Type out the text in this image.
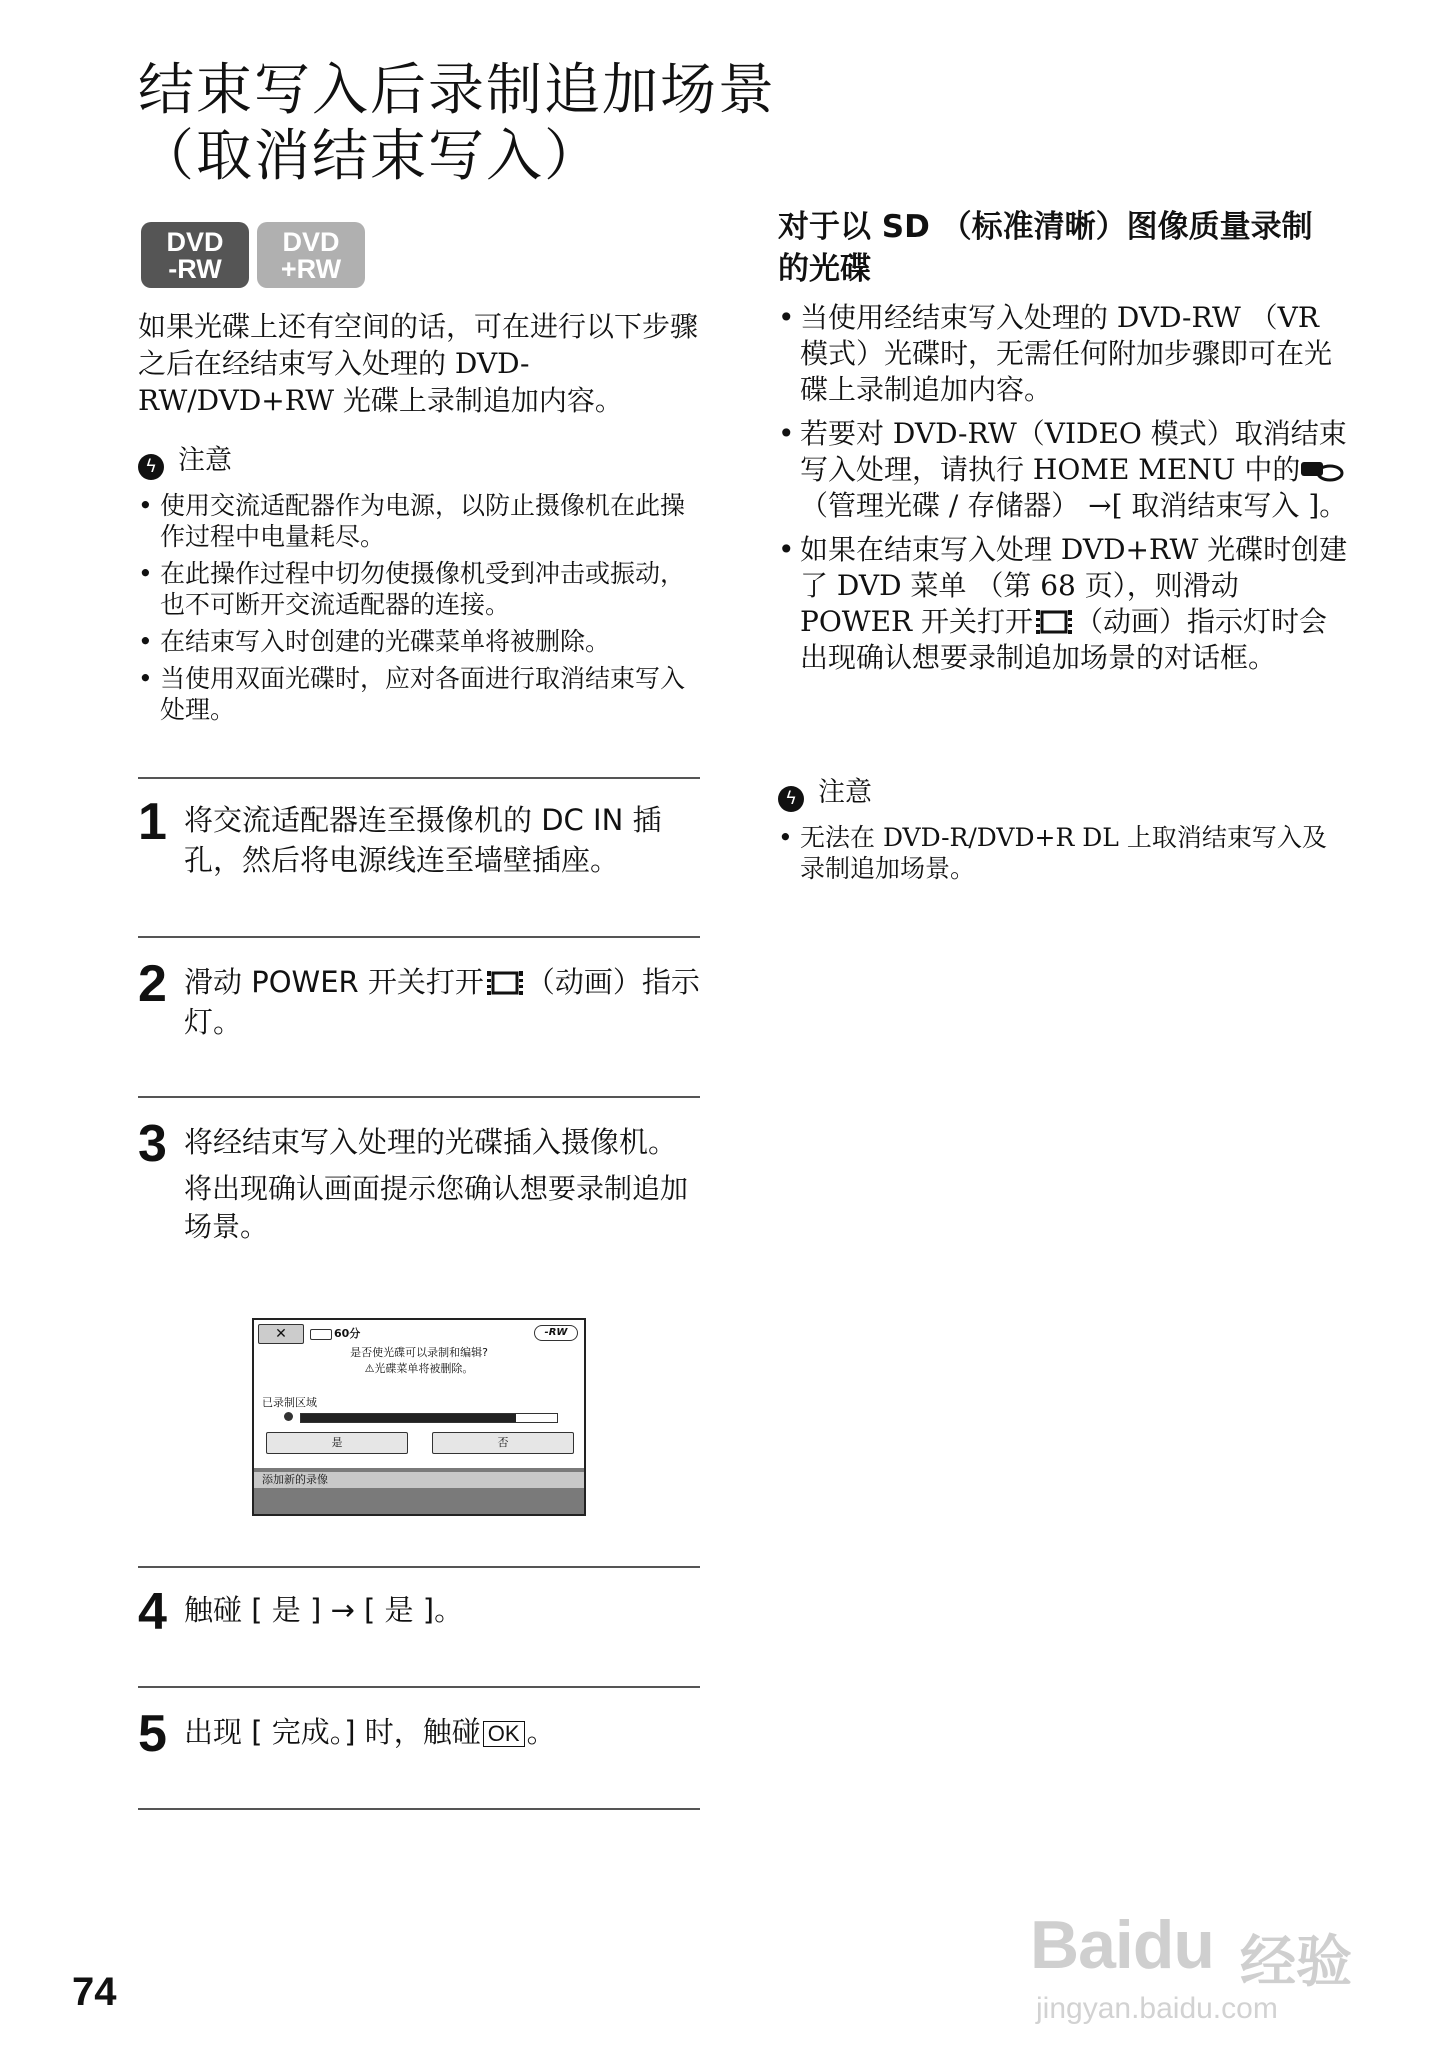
结束写入后录制追加场景
（取消结束写入）
DVD
-RW
DVD
+RW
如果光碟上还有空间的话，可在进行以下步骤之后在经结束写入处理的 DVD-RW/DVD+RW 光碟上录制追加内容。
ϟ 注意
• 使用交流适配器作为电源，以防止摄像机在此操作过程中电量耗尽。
• 在此操作过程中切勿使摄像机受到冲击或振动，也不可断开交流适配器的连接。
• 在结束写入时创建的光碟菜单将被删除。
• 当使用双面光碟时，应对各面进行取消结束写入处理。
1 将交流适配器连至摄像机的 DC IN 插孔，然后将电源线连至墙壁插座。
2 滑动 POWER 开关打开 （动画）指示灯。
3 将经结束写入处理的光碟插入摄像机。
将出现确认画面提示您确认想要录制追加场景。
✕	60分	-RW
是否使光碟可以录制和编辑?
⚠光碟菜单将被删除。
已录制区域
是	否
添加新的录像
4 触碰 [ 是 ] → [ 是 ]。
5 出现 [ 完成。] 时，触碰 OK 。
对于以 SD （标准清晰）图像质量录制的光碟
• 当使用经结束写入处理的 DVD-RW （VR 模式）光碟时，无需任何附加步骤即可在光碟上录制追加内容。
• 若要对 DVD-RW（VIDEO 模式）取消结束写入处理，请执行 HOME MENU 中的（管理光碟 / 存储器） →[ 取消结束写入 ]。
• 如果在结束写入处理 DVD+RW 光碟时创建了 DVD 菜单 （第 68 页），则滑动 POWER 开关打开 （动画）指示灯时会出现确认想要录制追加场景的对话框。
ϟ 注意
• 无法在 DVD-R/DVD+R DL 上取消结束写入及录制追加场景。
74
Baidu 经验
jingyan.baidu.com
